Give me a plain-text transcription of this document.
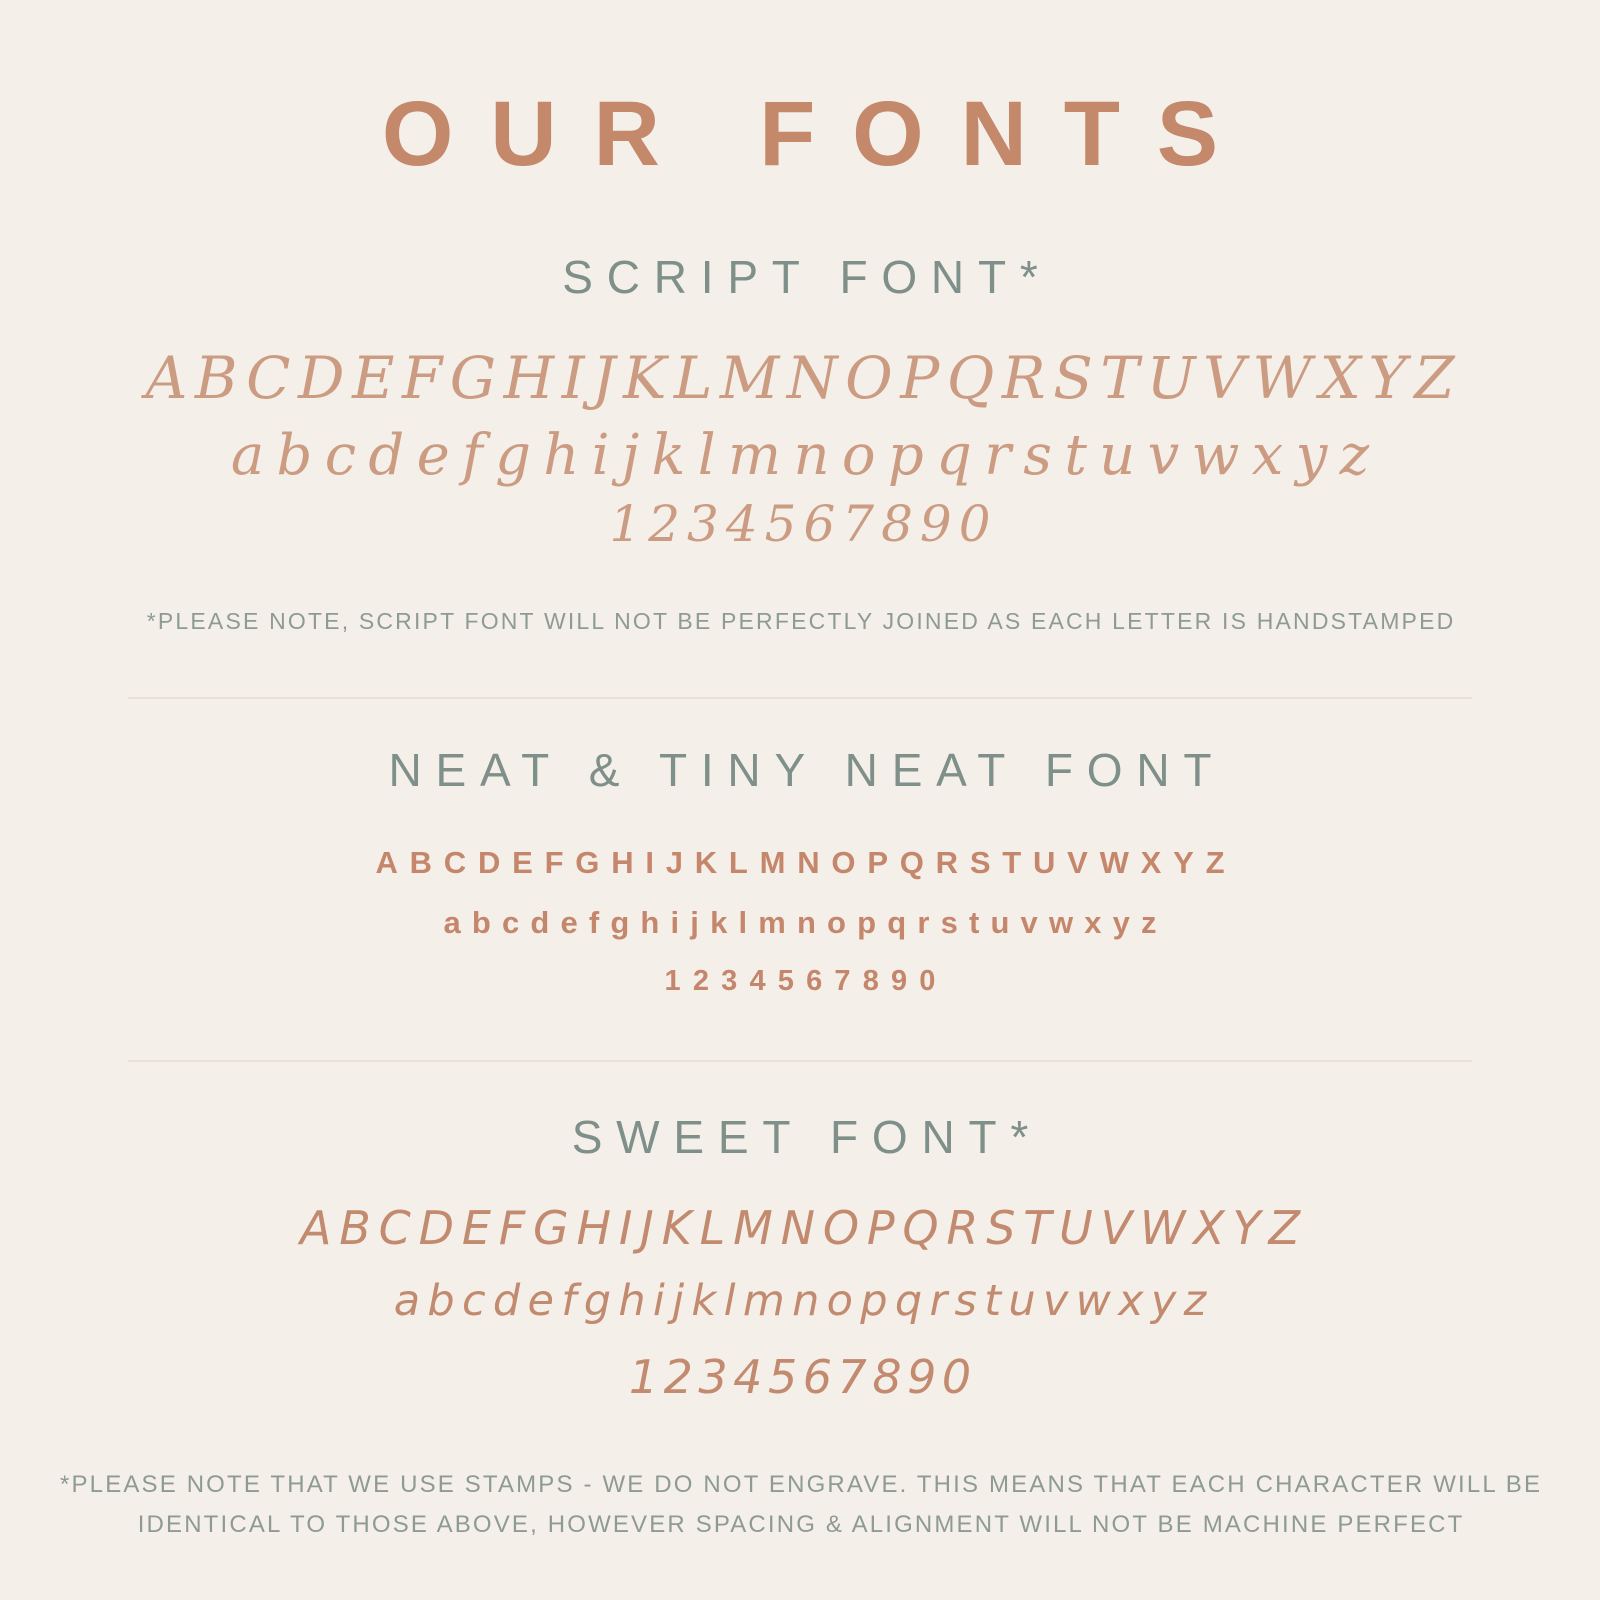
OUR FONTS
SCRIPT FONT*
ABCDEFGHIJKLMNOPQRSTUVWXYZ
abcdefghijklmnopqrstuvwxyz
1234567890
*PLEASE NOTE, SCRIPT FONT WILL NOT BE PERFECTLY JOINED AS EACH LETTER IS HANDSTAMPED
NEAT & TINY NEAT FONT
ABCDEFGHIJKLMNOPQRSTUVWXYZ
abcdefghijklmnopqrstuvwxyz
1234567890
SWEET FONT*
ABCDEFGHIJKLMNOPQRSTUVWXYZ
abcdefghijklmnopqrstuvwxyz
1234567890
*PLEASE NOTE THAT WE USE STAMPS - WE DO NOT ENGRAVE. THIS MEANS THAT EACH CHARACTER WILL BE
IDENTICAL TO THOSE ABOVE, HOWEVER SPACING & ALIGNMENT WILL NOT BE MACHINE PERFECT
